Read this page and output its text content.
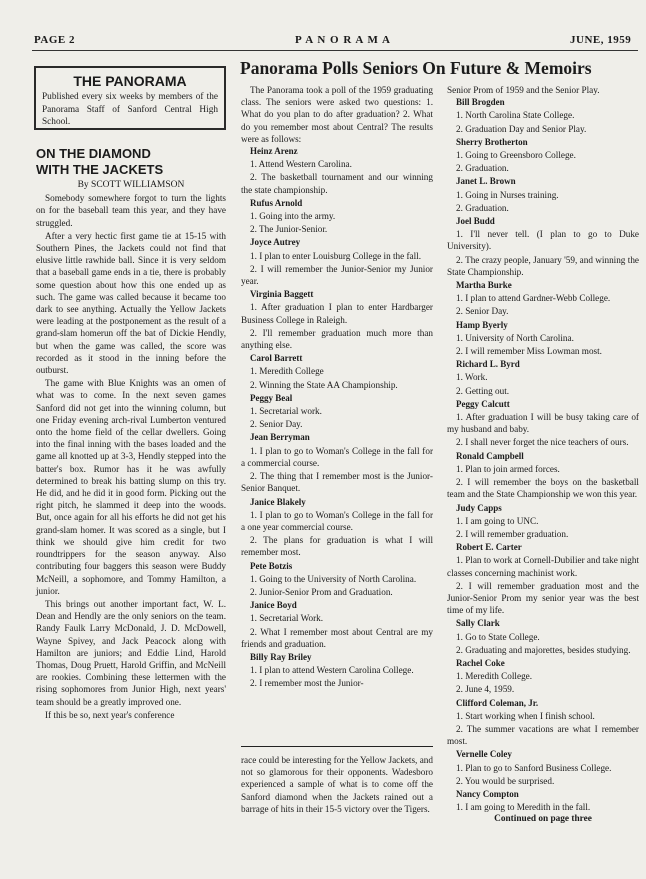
PAGE 2	P A N O R A M A	JUNE, 1959
THE PANORAMA

Published every six weeks by members of the Panorama Staff of Sanford Central High School.

ON THE DIAMOND

WITH THE JACKETS

By SCOTT WILLIAMSON

Somebody somewhere forgot to turn the lights on for the baseball team this year, and they have struggled.

After a very hectic first game tie at 15-15 with Southern Pines, the Jackets could not find that elusive little rawhide ball. Since it is very seldom that a baseball game ends in a tie, there is probably some question about how this one ended up as such. The game was called because it became too dark to see anything. Actually the Yellow Jackets were leading at the postponement as the result of a grand-slam homerun off the bat of Dickie Hendly, but when the game was called, the score was recorded as it stood in the inning before the outburst.

The game with Blue Knights was an omen of what was to come. In the next seven games Sanford did not get into the winning column, but one Friday evening arch-rival Lumberton ventured onto the home field of the cellar dwellers. Going into the final inning with the bases loaded and the game all knotted up at 3-3, Hendly stepped into the batter's box. Rumor has it he was awfully determined to break his batting slump on this try. He did, and he did it in good form. Picking out the right pitch, he slammed it deep into the woods. But, once again for all his efforts he did not get his grand-slam homer. It was scored as a single, but I think we should give him credit for two roundtrippers for the season anyway. Also contributing four baggers this season were Buddy McNeill, a sophomore, and Tommy Hamilton, a junior.

This brings out another important fact, W. L. Dean and Hendly are the only seniors on the team. Randy Faulk Larry McDonald, J. D. McDowell, Wayne Spivey, and Jack Peacock along with Hamilton are juniors; and Eddie Lind, Harold Thomas, Doug Pruett, Harold Griffin, and McNeill are rookies. Combining these lettermen with the rising sophomores from Junior High, next years' team should be a greatly improved one.

If this be so, next year's conference

Panorama Polls Seniors On Future & Memoirs

The Panorama took a poll of the 1959 graduating class. The seniors were asked two questions: 1. What do you plan to do after graduation? 2. What do you remember most about Central? The results were as follows:

Heinz Arenz

1. Attend Western Carolina.

2. The basketball tournament and our winning the state championship.

Rufus Arnold

1. Going into the army.

2. The Junior-Senior.

Joyce Autrey

1. I plan to enter Louisburg College in the fall.

2. I will remember the Junior-Senior my Junior year.

Virginia Baggett

1. After graduation I plan to enter Hardbarger Business College in Raleigh.

2. I'll remember graduation much more than anything else.

Carol Barrett

1. Meredith College

2. Winning the State AA Championship.

Peggy Beal

1. Secretarial work.

2. Senior Day.

Jean Berryman

1. I plan to go to Woman's College in the fall for a commercial course.

2. The thing that I remember most is the Junior-Senior Banquet.

Janice Blakely

1. I plan to go to Woman's College in the fall for a one year commercial course.

2. The plans for graduation is what I will remember most.

Pete Botzis

1. Going to the University of North Carolina.

2. Junior-Senior Prom and Graduation.

Janice Boyd

1. Secretarial Work.

2. What I remember most about Central are my friends and graduation.

Billy Ray Briley

1. I plan to attend Western Carolina College.

2. I remember most the Junior-

race could be interesting for the Yellow Jackets, and not so glamorous for their opponents. Wadesboro experienced a sample of what is to come off the Sanford diamond when the Jackets rained out a barrage of hits in their 15-5 victory over the Tigers.

Senior Prom of 1959 and the Senior Play.

Bill Brogden

1. North Carolina State College.

2. Graduation Day and Senior Play.

Sherry Brotherton

1. Going to Greensboro College.

2. Graduation.

Janet L. Brown

1. Going in Nurses training.

2. Graduation.

Joel Budd

1. I'll never tell. (I plan to go to Duke University).

2. The crazy people, January '59, and winning the State Championship.

Martha Burke

1. I plan to attend Gardner-Webb College.

2. Senior Day.

Hamp Byerly

1. University of North Carolina.

2. I will remember Miss Lowman most.

Richard L. Byrd

1. Work.

2. Getting out.

Peggy Calcutt

1. After graduation I will be busy taking care of my husband and baby.

2. I shall never forget the nice teachers of ours.

Ronald Campbell

1. Plan to join armed forces.

2. I will remember the boys on the basketball team and the State Championship we won this year.

Judy Capps

1. I am going to UNC.

2. I will remember graduation.

Robert E. Carter

1. Plan to work at Cornell-Dubilier and take night classes concerning machinist work.

2. I will remember graduation most and the Junior-Senior Prom my senior year was the best time of my life.

Sally Clark

1. Go to State College.

2. Graduating and majorettes, besides studying.

Rachel Coke

1. Meredith College.

2. June 4, 1959.

Clifford Coleman, Jr.

1. Start working when I finish school.

2. The summer vacations are what I remember most.

Vernelle Coley

1. Plan to go to Sanford Business College.

2. You would be surprised.

Nancy Compton

1. I am going to Meredith in the fall.

Continued on page three
